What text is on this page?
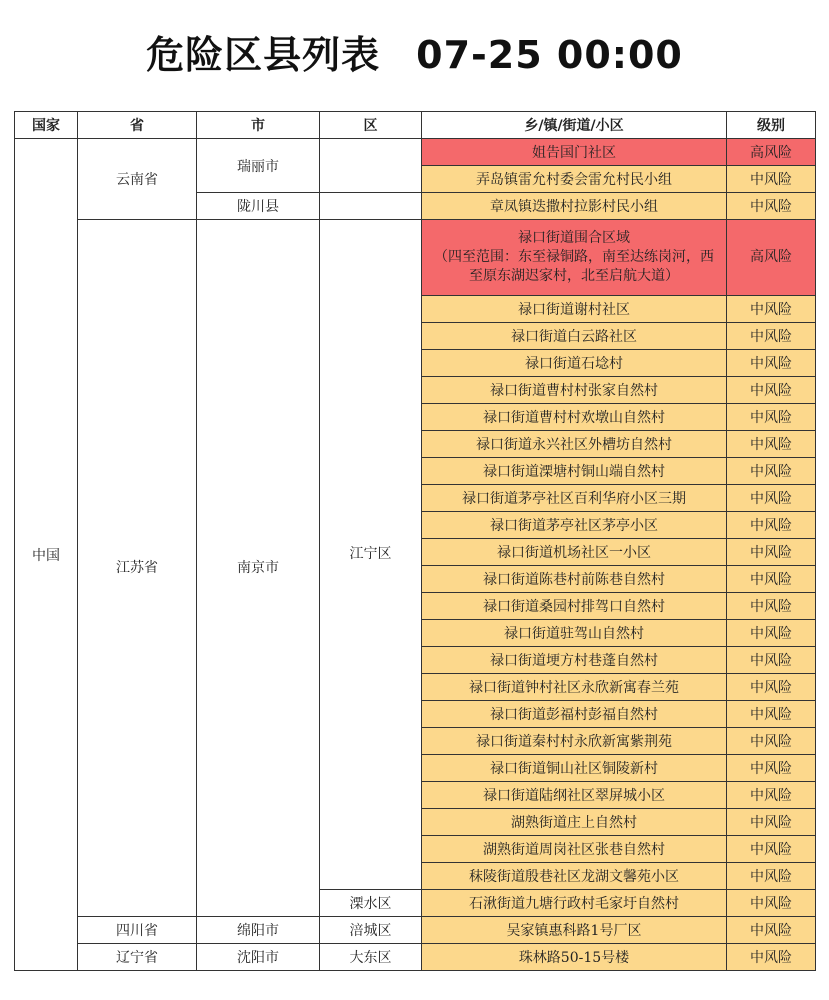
危险区县列表 07-25 00:00
国家	省	市	区	乡/镇/街道/小区	级别
中国	云南省	瑞丽市		姐告国门社区	高风险
				弄岛镇雷允村委会雷允村民小组	中风险
		陇川县		章凤镇迭撒村拉影村民小组	中风险
	江苏省	南京市	江宁区	禄口街道围合区域
（四至范围：东至禄铜路，南至达练岗河，西至原东湖迟家村，北至启航大道）	高风险
				禄口街道谢村社区	中风险
				禄口街道白云路社区	中风险
				禄口街道石埝村	中风险
				禄口街道曹村村张家自然村	中风险
				禄口街道曹村村欢墩山自然村	中风险
				禄口街道永兴社区外槽坊自然村	中风险
				禄口街道溧塘村铜山端自然村	中风险
				禄口街道茅亭社区百利华府小区三期	中风险
				禄口街道茅亭社区茅亭小区	中风险
				禄口街道机场社区一小区	中风险
				禄口街道陈巷村前陈巷自然村	中风险
				禄口街道桑园村排驾口自然村	中风险
				禄口街道驻驾山自然村	中风险
				禄口街道埂方村巷蓬自然村	中风险
				禄口街道钟村社区永欣新寓春兰苑	中风险
				禄口街道彭福村彭福自然村	中风险
				禄口街道秦村村永欣新寓紫荆苑	中风险
				禄口街道铜山社区铜陵新村	中风险
				禄口街道陆纲社区翠屏城小区	中风险
				湖熟街道庄上自然村	中风险
				湖熟街道周岗社区张巷自然村	中风险
				秣陵街道殷巷社区龙湖文馨苑小区	中风险
			溧水区	石湫街道九塘行政村毛家圩自然村	中风险
	四川省	绵阳市	涪城区	吴家镇惠科路1号厂区	中风险
	辽宁省	沈阳市	大东区	珠林路50-15号楼	中风险
